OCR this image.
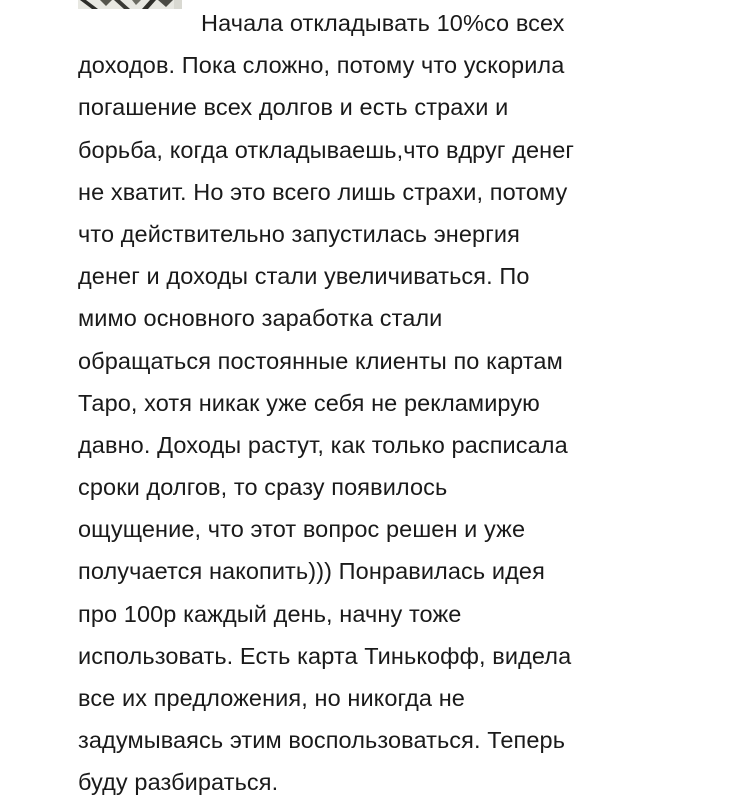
Начала откладывать 10%со всех
доходов. Пока сложно, потому что ускорила
погашение всех долгов и есть страхи и
борьба, когда откладываешь,что вдруг денег
не хватит. Но это всего лишь страхи, потому
что действительно запустилась энергия
денег и доходы стали увеличиваться. По
мимо основного заработка стали
обращаться постоянные клиенты по картам
Таро, хотя никак уже себя не рекламирую
давно. Доходы растут, как только расписала
сроки долгов, то сразу появилось
ощущение, что этот вопрос решен и уже
получается накопить))) Понравилась идея
про 100р каждый день, начну тоже
использовать. Есть карта Тинькофф, видела
все их предложения, но никогда не
задумываясь этим воспользоваться. Теперь
буду разбираться.
